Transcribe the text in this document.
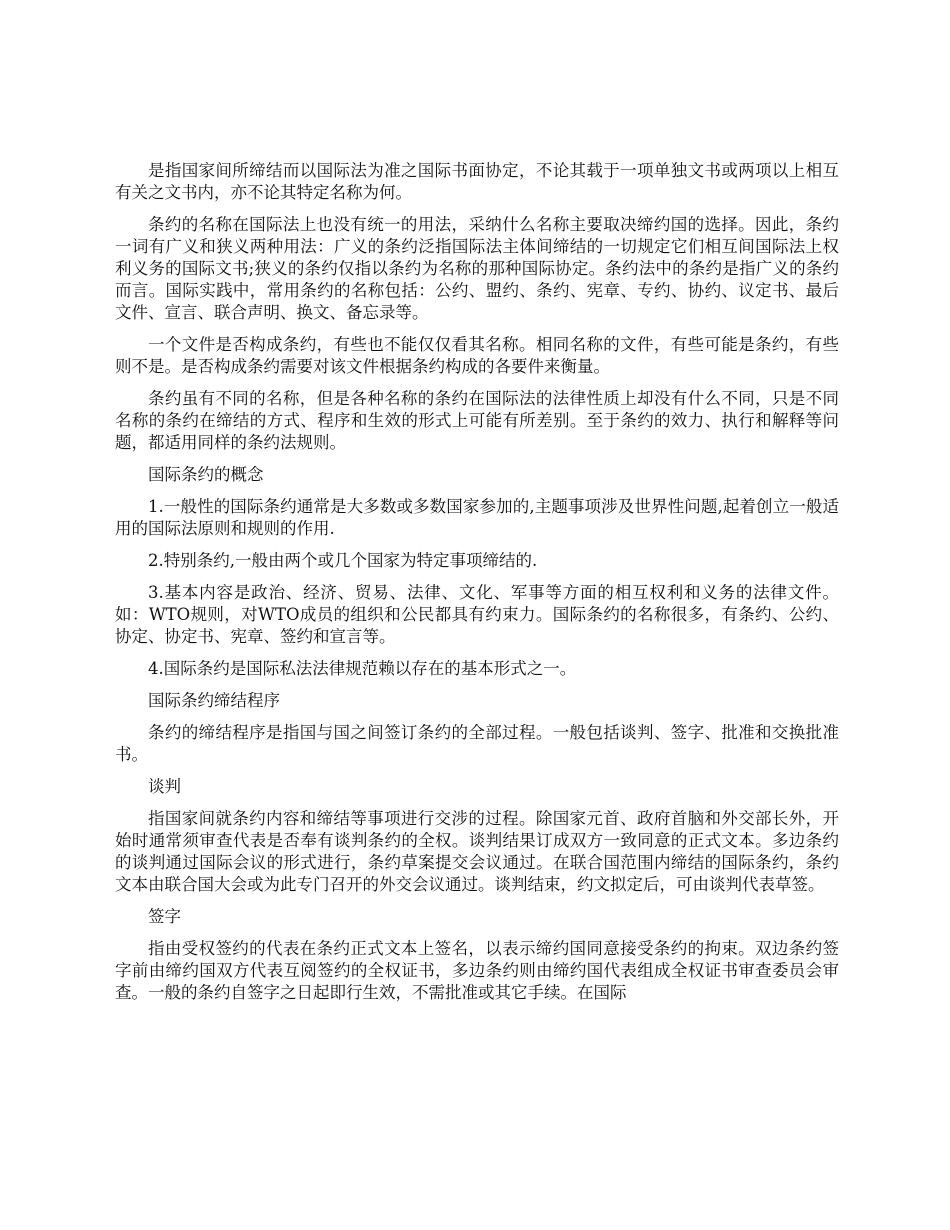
是指国家间所缔结而以国际法为准之国际书面协定，不论其载于一项单独文书或两项以上相互有关之文书内，亦不论其特定名称为何。

条约的名称在国际法上也没有统一的用法，采纳什么名称主要取决缔约国的选择。因此，条约一词有广义和狭义两种用法：广义的条约泛指国际法主体间缔结的一切规定它们相互间国际法上权利义务的国际文书;狭义的条约仅指以条约为名称的那种国际协定。条约法中的条约是指广义的条约而言。国际实践中，常用条约的名称包括：公约、盟约、条约、宪章、专约、协约、议定书、最后文件、宣言、联合声明、换文、备忘录等。

一个文件是否构成条约，有些也不能仅仅看其名称。相同名称的文件，有些可能是条约，有些则不是。是否构成条约需要对该文件根据条约构成的各要件来衡量。

条约虽有不同的名称，但是各种名称的条约在国际法的法律性质上却没有什么不同，只是不同名称的条约在缔结的方式、程序和生效的形式上可能有所差别。至于条约的效力、执行和解释等问题，都适用同样的条约法规则。

国际条约的概念

1.一般性的国际条约通常是大多数或多数国家参加的,主题事项涉及世界性问题,起着创立一般适用的国际法原则和规则的作用.

2.特别条约,一般由两个或几个国家为特定事项缔结的.

3.基本内容是政治、经济、贸易、法律、文化、军事等方面的相互权利和义务的法律文件。如：WTO规则，对WTO成员的组织和公民都具有约束力。国际条约的名称很多，有条约、公约、协定、协定书、宪章、签约和宣言等。

4.国际条约是国际私法法律规范赖以存在的基本形式之一。

国际条约缔结程序

条约的缔结程序是指国与国之间签订条约的全部过程。一般包括谈判、签字、批准和交换批准书。

谈判

指国家间就条约内容和缔结等事项进行交涉的过程。除国家元首、政府首脑和外交部长外，开始时通常须审查代表是否奉有谈判条约的全权。谈判结果订成双方一致同意的正式文本。多边条约的谈判通过国际会议的形式进行，条约草案提交会议通过。在联合国范围内缔结的国际条约，条约文本由联合国大会或为此专门召开的外交会议通过。谈判结束，约文拟定后，可由谈判代表草签。

签字

指由受权签约的代表在条约正式文本上签名，以表示缔约国同意接受条约的拘束。双边条约签字前由缔约国双方代表互阅签约的全权证书，多边条约则由缔约国代表组成全权证书审查委员会审查。一般的条约自签字之日起即行生效，不需批准或其它手续。在国际
